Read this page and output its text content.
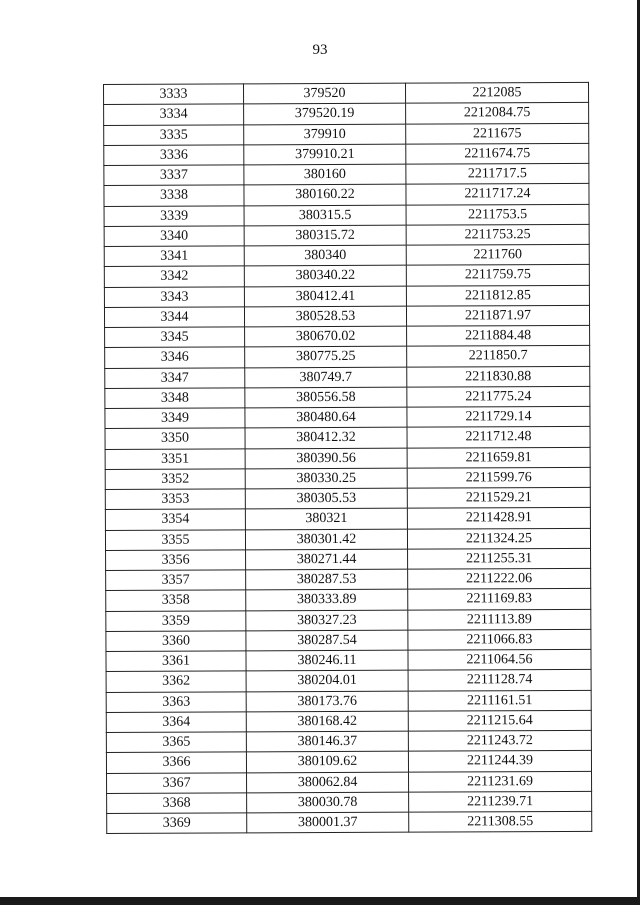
93
3333	379520	2212085
3334	379520.19	2212084.75
3335	379910	2211675
3336	379910.21	2211674.75
3337	380160	2211717.5
3338	380160.22	2211717.24
3339	380315.5	2211753.5
3340	380315.72	2211753.25
3341	380340	2211760
3342	380340.22	2211759.75
3343	380412.41	2211812.85
3344	380528.53	2211871.97
3345	380670.02	2211884.48
3346	380775.25	2211850.7
3347	380749.7	2211830.88
3348	380556.58	2211775.24
3349	380480.64	2211729.14
3350	380412.32	2211712.48
3351	380390.56	2211659.81
3352	380330.25	2211599.76
3353	380305.53	2211529.21
3354	380321	2211428.91
3355	380301.42	2211324.25
3356	380271.44	2211255.31
3357	380287.53	2211222.06
3358	380333.89	2211169.83
3359	380327.23	2211113.89
3360	380287.54	2211066.83
3361	380246.11	2211064.56
3362	380204.01	2211128.74
3363	380173.76	2211161.51
3364	380168.42	2211215.64
3365	380146.37	2211243.72
3366	380109.62	2211244.39
3367	380062.84	2211231.69
3368	380030.78	2211239.71
3369	380001.37	2211308.55
